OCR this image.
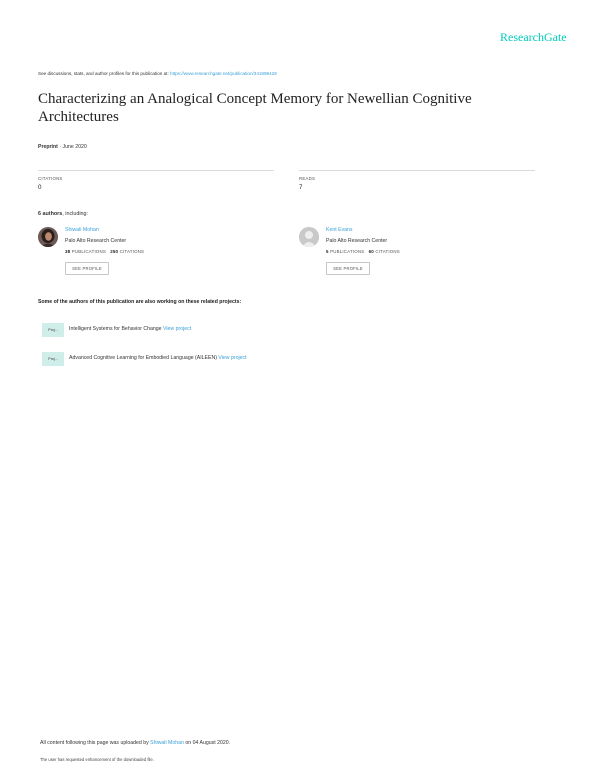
ResearchGate
See discussions, stats, and author profiles for this publication at: https://www.researchgate.net/publication/341899428
Characterizing an Analogical Concept Memory for Newellian Cognitive Architectures
Preprint · June 2020
CITATIONS
0
READS
7
6 authors, including:
Shiwali Mohan
Palo Alto Research Center
38 PUBLICATIONS 250 CITATIONS
SEE PROFILE
Kent Evans
Palo Alto Research Center
5 PUBLICATIONS 60 CITATIONS
SEE PROFILE
Some of the authors of this publication are also working on these related projects:
Proj...	Intelligent Systems for Behavior Change View project
Proj...	Advanced Cognitive Learning for Embodied Language (AILEEN) View project
All content following this page was uploaded by Shiwali Mohan on 04 August 2020.
The user has requested enhancement of the downloaded file.
